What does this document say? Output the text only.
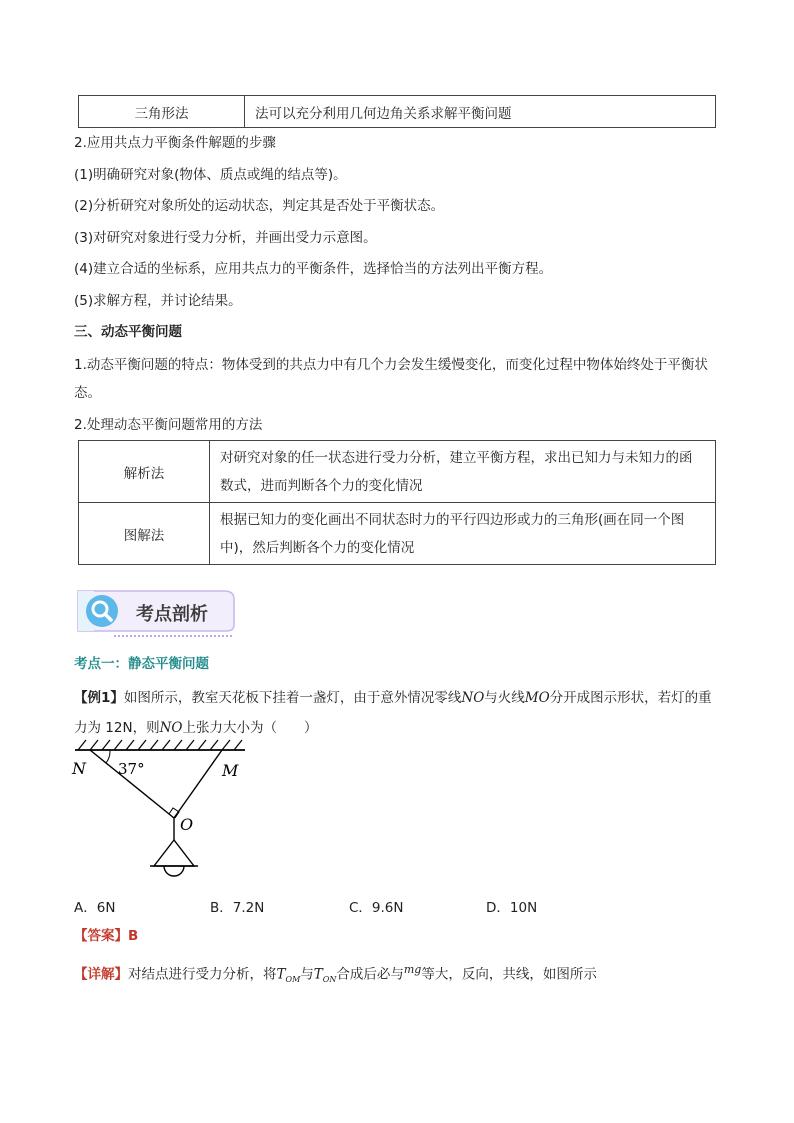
三角形法	法可以充分利用几何边角关系求解平衡问题
2.应用共点力平衡条件解题的步骤
(1)明确研究对象(物体、质点或绳的结点等)。
(2)分析研究对象所处的运动状态，判定其是否处于平衡状态。
(3)对研究对象进行受力分析，并画出受力示意图。
(4)建立合适的坐标系，应用共点力的平衡条件，选择恰当的方法列出平衡方程。
(5)求解方程，并讨论结果。
三、动态平衡问题
1.动态平衡问题的特点：物体受到的共点力中有几个力会发生缓慢变化，而变化过程中物体始终处于平衡状态。
2.处理动态平衡问题常用的方法
解析法	对研究对象的任一状态进行受力分析，建立平衡方程，求出已知力与未知力的函数式，进而判断各个力的变化情况
图解法	根据已知力的变化画出不同状态时力的平行四边形或力的三角形(画在同一个图中)，然后判断各个力的变化情况
考点剖析
考点一：静态平衡问题
【例1】如图所示，教室天花板下挂着一盏灯，由于意外情况零线NO与火线MO分开成图示形状，若灯的重力为 12N，则NO上张力大小为（　　）
N 37°	M
O
A．6N	B．7.2N	C．9.6N	D．10N
【答案】B
【详解】对结点进行受力分析，将$T_{OM}$与$T_{ON}$合成后必与$^{mg}$等大，反向，共线，如图所示
